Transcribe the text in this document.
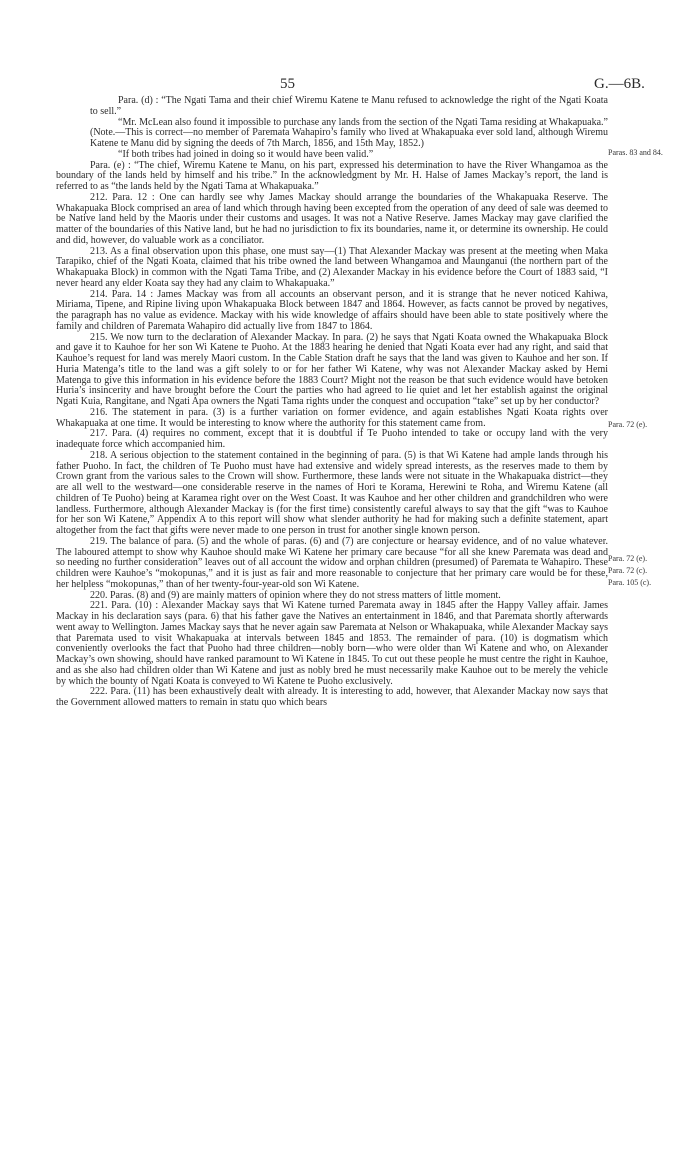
55	G.—6B.

Para. (d) : “The Ngati Tama and their chief Wiremu Katene te Manu refused to acknowledge the right of the Ngati Koata to sell.”

“Mr. McLean also found it impossible to purchase any lands from the section of the Ngati Tama residing at Whakapuaka.” (Note.—This is correct—no member of Paremata Wahapiro’s family who lived at Whakapuaka ever sold land, although Wiremu Katene te Manu did by signing the deeds of 7th March, 1856, and 15th May, 1852.)

“If both tribes had joined in doing so it would have been valid.”

Para. (e) : “The chief, Wiremu Katene te Manu, on his part, expressed his determination to have the River Whangamoa as the boundary of the lands held by himself and his tribe.” In the acknowledgment by Mr. H. Halse of James Mackay’s report, the land is referred to as “the lands held by the Ngati Tama at Whakapuaka.”

212. Para. 12 : One can hardly see why James Mackay should arrange the boundaries of the Whakapuaka Reserve. The Whakapuaka Block comprised an area of land which through having been excepted from the operation of any deed of sale was deemed to be Native land held by the Maoris under their customs and usages. It was not a Native Reserve. James Mackay may gave clarified the matter of the boundaries of this Native land, but he had no jurisdiction to fix its boundaries, name it, or determine its ownership. He could and did, however, do valuable work as a conciliator.

213. As a final observation upon this phase, one must say—(1) That Alexander Mackay was present at the meeting when Maka Tarapiko, chief of the Ngati Koata, claimed that his tribe owned the land between Whangamoa and Maunganui (the northern part of the Whakapuaka Block) in common with the Ngati Tama Tribe, and (2) Alexander Mackay in his evidence before the Court of 1883 said, “I never heard any elder Koata say they had any claim to Whakapuaka.”

214. Para. 14 : James Mackay was from all accounts an observant person, and it is strange that he never noticed Kahiwa, Miriama, Tipene, and Ripine living upon Whakapuaka Block between 1847 and 1864. However, as facts cannot be proved by negatives, the paragraph has no value as evidence. Mackay with his wide knowledge of affairs should have been able to state positively where the family and children of Paremata Wahapiro did actually live from 1847 to 1864.

215. We now turn to the declaration of Alexander Mackay. In para. (2) he says that Ngati Koata owned the Whakapuaka Block and gave it to Kauhoe for her son Wi Katene te Puoho. At the 1883 hearing he denied that Ngati Koata ever had any right, and said that Kauhoe’s request for land was merely Maori custom. In the Cable Station draft he says that the land was given to Kauhoe and her son. If Huria Matenga’s title to the land was a gift solely to or for her father Wi Katene, why was not Alexander Mackay asked by Hemi Matenga to give this information in his evidence before the 1883 Court? Might not the reason be that such evidence would have betoken Huria’s insincerity and have brought before the Court the parties who had agreed to lie quiet and let her establish against the original Ngati Kuia, Rangitane, and Ngati Apa owners the Ngati Tama rights under the conquest and occupation “take” set up by her conductor?

216. The statement in para. (3) is a further variation on former evidence, and again establishes Ngati Koata rights over Whakapuaka at one time. It would be interesting to know where the authority for this statement came from.

217. Para. (4) requires no comment, except that it is doubtful if Te Puoho intended to take or occupy land with the very inadequate force which accompanied him.

218. A serious objection to the statement contained in the beginning of para. (5) is that Wi Katene had ample lands through his father Puoho. In fact, the children of Te Puoho must have had extensive and widely spread interests, as the reserves made to them by Crown grant from the various sales to the Crown will show. Furthermore, these lands were not situate in the Whakapuaka district—they are all well to the westward—one considerable reserve in the names of Hori te Korama, Herewini te Roha, and Wiremu Katene (all children of Te Puoho) being at Karamea right over on the West Coast. It was Kauhoe and her other children and grandchildren who were landless. Furthermore, although Alexander Mackay is (for the first time) consistently careful always to say that the gift “was to Kauhoe for her son Wi Katene,” Appendix A to this report will show what slender authority he had for making such a definite statement, apart altogether from the fact that gifts were never made to one person in trust for another single known person.

219. The balance of para. (5) and the whole of paras. (6) and (7) are conjecture or hearsay evidence, and of no value whatever. The laboured attempt to show why Kauhoe should make Wi Katene her primary care because “for all she knew Paremata was dead and so needing no further consideration” leaves out of all account the widow and orphan children (presumed) of Paremata te Wahapiro. These children were Kauhoe’s “mokopunas,” and it is just as fair and more reasonable to conjecture that her primary care would be for these, her helpless “mokopunas,” than of her twenty-four-year-old son Wi Katene.

220. Paras. (8) and (9) are mainly matters of opinion where they do not stress matters of little moment.

221. Para. (10) : Alexander Mackay says that Wi Katene turned Paremata away in 1845 after the Happy Valley affair. James Mackay in his declaration says (para. 6) that his father gave the Natives an entertainment in 1846, and that Paremata shortly afterwards went away to Wellington. James Mackay says that he never again saw Paremata at Nelson or Whakapuaka, while Alexander Mackay says that Paremata used to visit Whakapuaka at intervals between 1845 and 1853. The remainder of para. (10) is dogmatism which conveniently overlooks the fact that Puoho had three children—nobly born—who were older than Wi Katene and who, on Alexander Mackay’s own showing, should have ranked paramount to Wi Katene in 1845. To cut out these people he must centre the right in Kauhoe, and as she also had children older than Wi Katene and just as nobly bred he must necessarily make Kauhoe out to be merely the vehicle by which the bounty of Ngati Koata is conveyed to Wi Katene te Puoho exclusively.

222. Para. (11) has been exhaustively dealt with already. It is interesting to add, however, that Alexander Mackay now says that the Government allowed matters to remain in statu quo which bears

Paras. 83 and 84.
Para. 72 (e).
Para. 72 (e).
Para. 72 (c).
Para. 105 (c).
